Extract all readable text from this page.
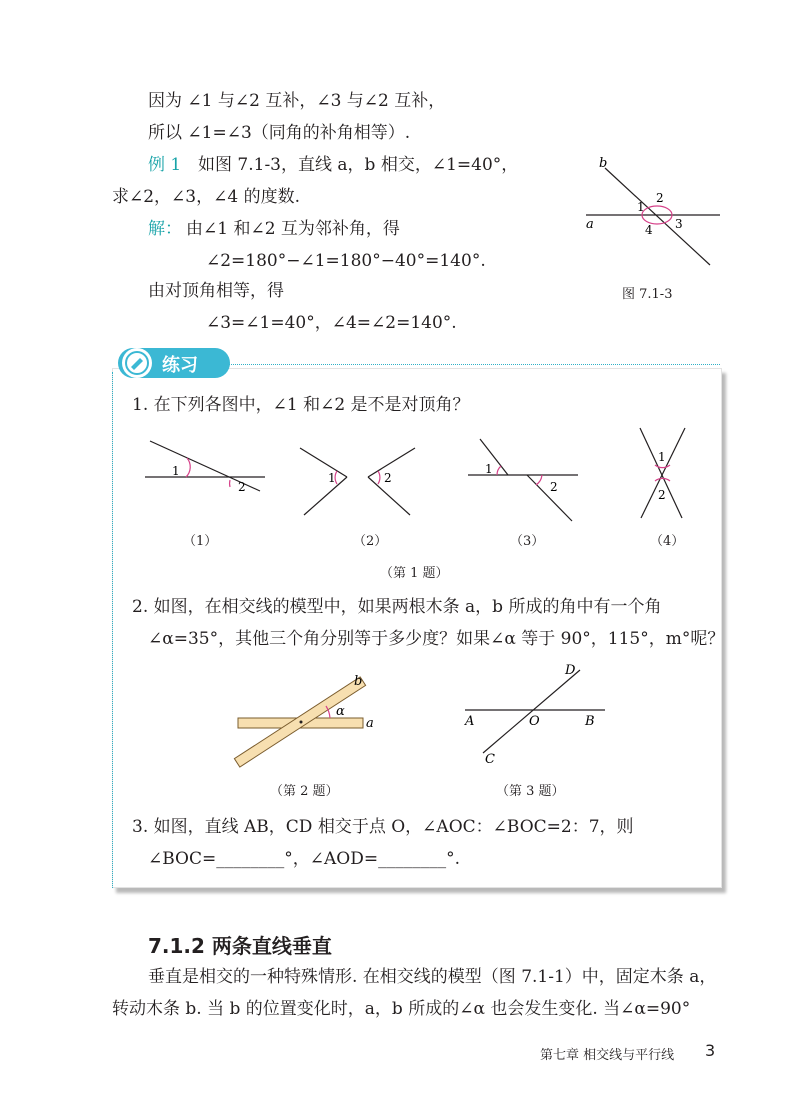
因为 ∠1 与∠2 互补，∠3 与∠2 互补，
所以 ∠1=∠3（同角的补角相等）.
例 1 如图 7.1-3，直线 a，b 相交，∠1=40°，
求∠2，∠3，∠4 的度数.
解： 由∠1 和∠2 互为邻补角，得
∠2=180°−∠1=180°−40°=140°.
由对顶角相等，得
∠3=∠1=40°，∠4=∠2=140°.
b
a
1
2
3
4
图 7.1-3
练习
1. 在下列各图中，∠1 和∠2 是不是对顶角？
1
2
1	2
1
2
1
2
（1）	（2）	（3）	（4）
（第 1 题）
2. 如图，在相交线的模型中，如果两根木条 a，b 所成的角中有一个角
∠α=35°，其他三个角分别等于多少度？如果∠α 等于 90°，115°，m°呢？
b
a
α
（第 2 题）
A	B
C
D
O
（第 3 题）
3. 如图，直线 AB，CD 相交于点 O，∠AOC：∠BOC=2：7，则
∠BOC=________°，∠AOD=________°.
7.1.2 两条直线垂直
垂直是相交的一种特殊情形. 在相交线的模型（图 7.1-1）中，固定木条 a，
转动木条 b. 当 b 的位置变化时，a，b 所成的∠α 也会发生变化. 当∠α=90°
第七章 相交线与平行线 3
